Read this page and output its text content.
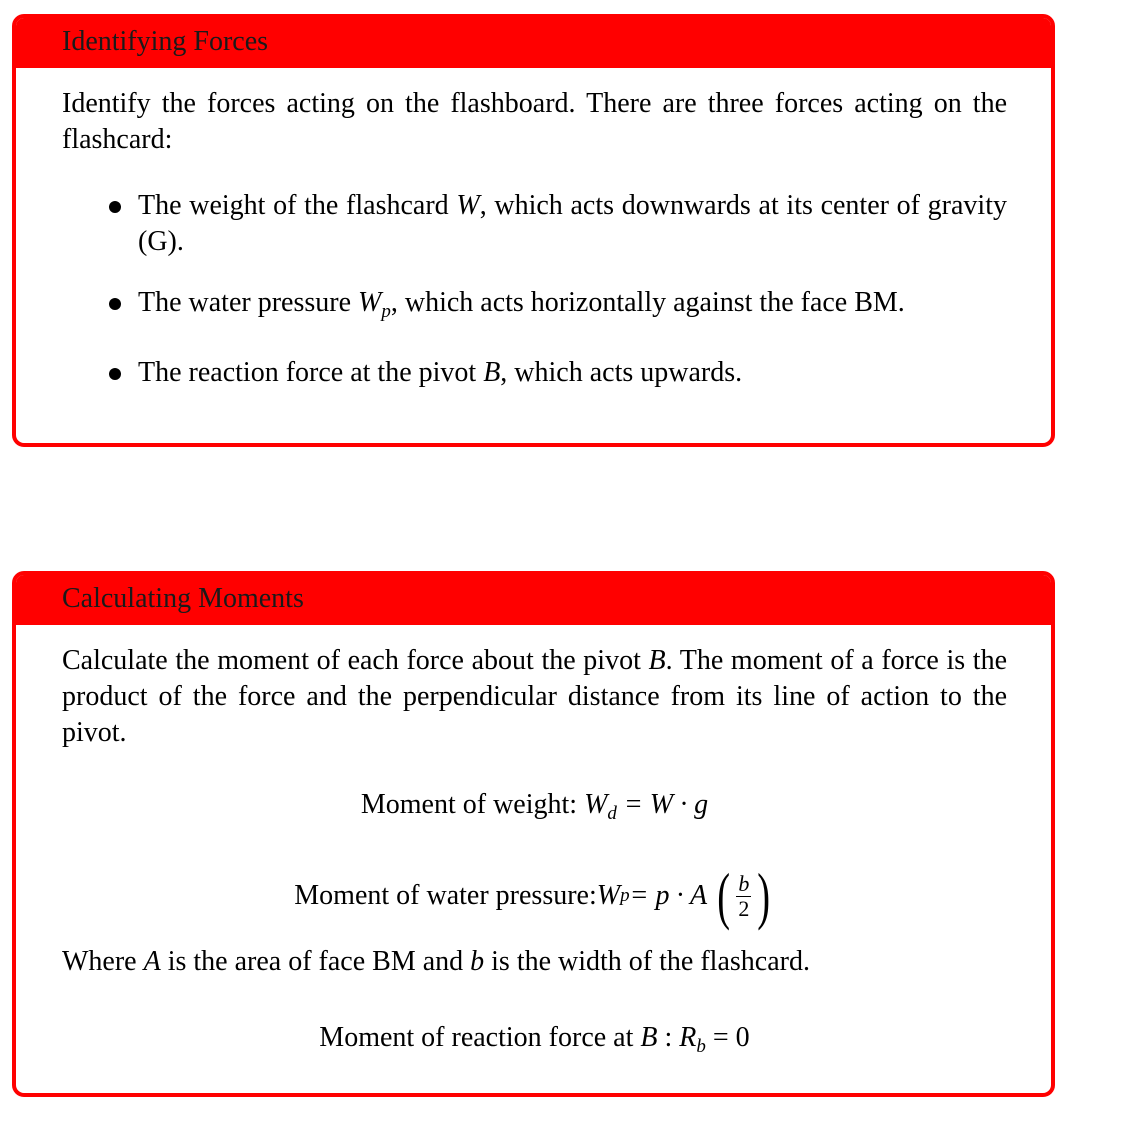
Identifying Forces

Identify the forces acting on the flashboard. There are three forces acting on the flashcard:

The weight of the flashcard W, which acts downwards at its center of gravity (G).
The water pressure $W_p$, which acts horizontally against the face BM.
The reaction force at the pivot B, which acts upwards.
Calculating Moments

Calculate the moment of each force about the pivot B. The moment of a force is the product of the force and the perpendicular distance from its line of action to the pivot.

Moment of weight: $W_d = W \cdot g$

Moment of water pressure: W p = p · A ( $\frac{b}{2}$ )

Where A is the area of face BM and b is the width of the flashcard.

Moment of reaction force at B : $R_b = 0$
